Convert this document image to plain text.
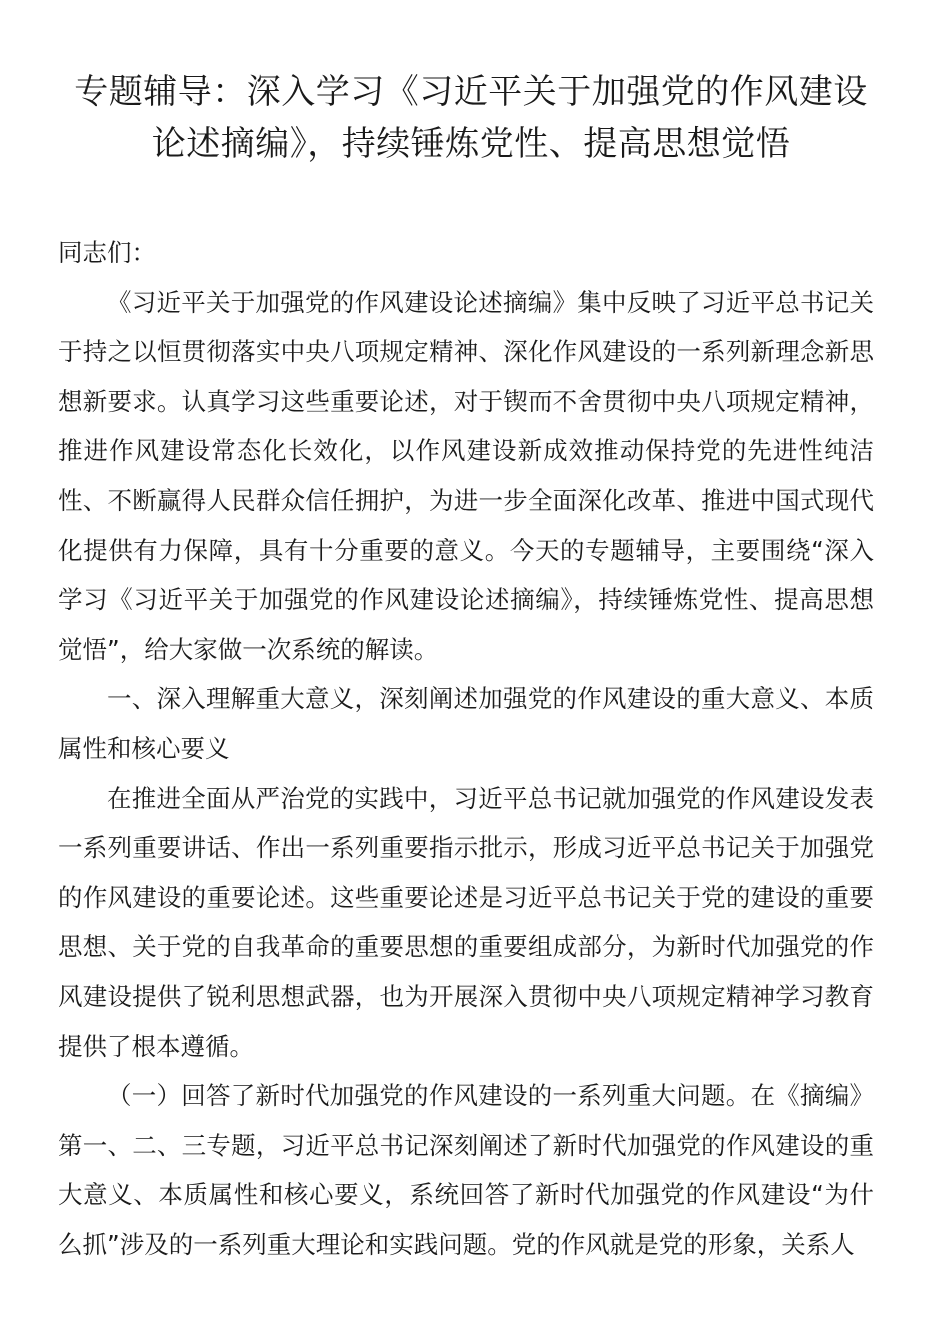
专题辅导：深入学习《习近平关于加强党的作风建设
论述摘编》，持续锤炼党性、提高思想觉悟

同志们：

《习近平关于加强党的作风建设论述摘编》集中反映了习近平总书记关于持之以恒贯彻落实中央八项规定精神、深化作风建设的一系列新理念新思想新要求。认真学习这些重要论述，对于锲而不舍贯彻中央八项规定精神，推进作风建设常态化长效化，以作风建设新成效推动保持党的先进性纯洁性、不断赢得人民群众信任拥护，为进一步全面深化改革、推进中国式现代化提供有力保障，具有十分重要的意义。今天的专题辅导，主要围绕“深入学习《习近平关于加强党的作风建设论述摘编》，持续锤炼党性、提高思想觉悟”，给大家做一次系统的解读。

一、深入理解重大意义，深刻阐述加强党的作风建设的重大意义、本质属性和核心要义

在推进全面从严治党的实践中，习近平总书记就加强党的作风建设发表一系列重要讲话、作出一系列重要指示批示，形成习近平总书记关于加强党的作风建设的重要论述。这些重要论述是习近平总书记关于党的建设的重要思想、关于党的自我革命的重要思想的重要组成部分，为新时代加强党的作风建设提供了锐利思想武器，也为开展深入贯彻中央八项规定精神学习教育提供了根本遵循。

（一）回答了新时代加强党的作风建设的一系列重大问题。在《摘编》第一、二、三专题，习近平总书记深刻阐述了新时代加强党的作风建设的重大意义、本质属性和核心要义，系统回答了新时代加强党的作风建设“为什么抓”涉及的一系列重大理论和实践问题。党的作风就是党的形象，关系人
